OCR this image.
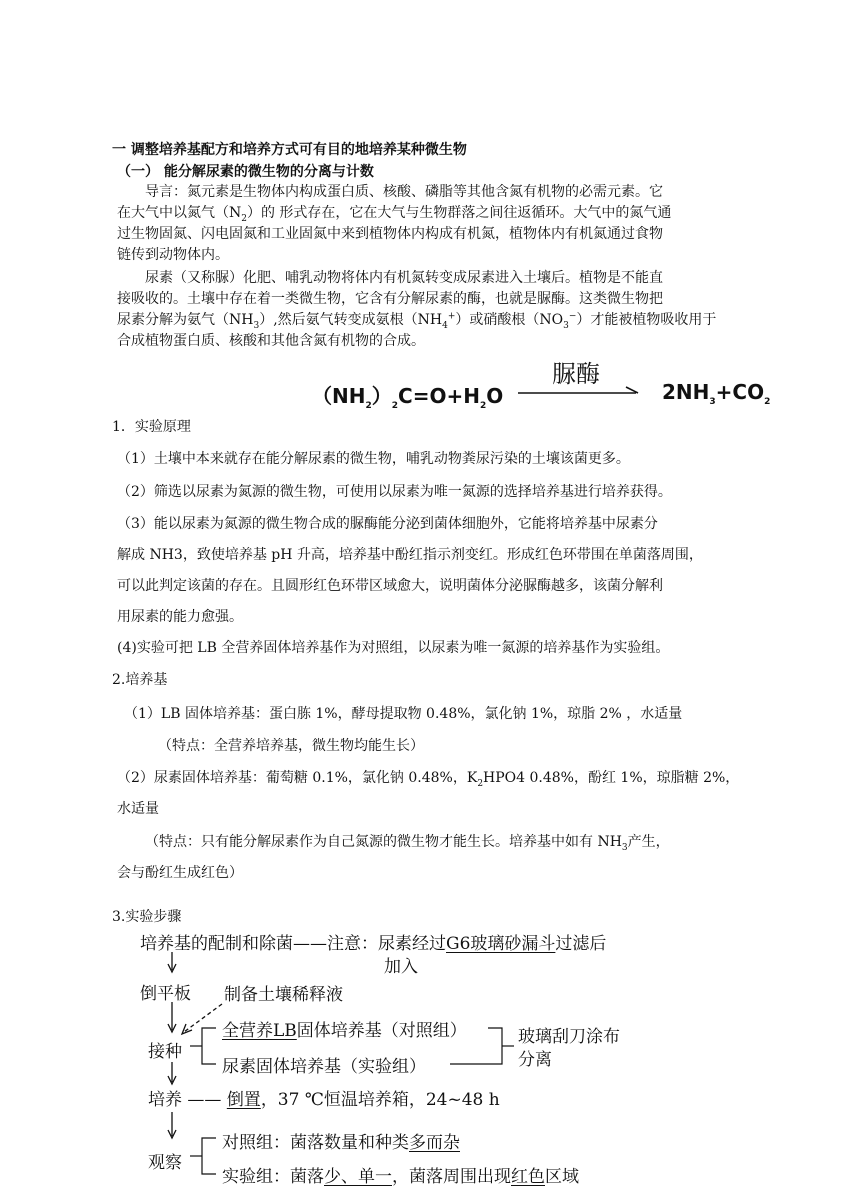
一 调整培养基配方和培养方式可有目的地培养某种微生物
（一） 能分解尿素的微生物的分离与计数
导言：氮元素是生物体内构成蛋白质、核酸、磷脂等其他含氮有机物的必需元素。它
在大气中以氮气$(N_2)$的 形式存在，它在大气与生物群落之间往返循环。大气中的氮气通
过生物固氮、闪电固氮和工业固氮中来到植物体内构成有机氮，植物体内有机氮通过食物
链传到动物体内。
尿素（又称脲）化肥、哺乳动物将体内有机氮转变成尿素进入土壤后。植物是不能直
接吸收的。土壤中存在着一类微生物，它含有分解尿素的酶，也就是脲酶。这类微生物把
尿素分解为氨气$(NH_3)$,然后氨气转变成氨根$(NH_4^+)$或硝酸根$(NO_3^-)$才能被植物吸收用于
合成植物蛋白质、核酸和其他含氮有机物的合成。
$(NH_2)_2C=O+H_2O$
脲酶
$2NH_3+CO_2$
1．实验原理
（1）土壤中本来就存在能分解尿素的微生物，哺乳动物粪尿污染的土壤该菌更多。
（2）筛选以尿素为氮源的微生物，可使用以尿素为唯一氮源的选择培养基进行培养获得。
（3）能以尿素为氮源的微生物合成的脲酶能分泌到菌体细胞外，它能将培养基中尿素分
解成 NH3，致使培养基 pH 升高，培养基中酚红指示剂变红。形成红色环带围在单菌落周围，
可以此判定该菌的存在。且圆形红色环带区域愈大，说明菌体分泌脲酶越多，该菌分解利
用尿素的能力愈强。
(4)实验可把 LB 全营养固体培养基作为对照组，以尿素为唯一氮源的培养基作为实验组。
2.培养基
（1）LB 固体培养基：蛋白胨 1%，酵母提取物 0.48%，氯化钠 1%，琼脂 2% ，水适量
（特点：全营养培养基，微生物均能生长）
（2）尿素固体培养基：葡萄糖 0.1%，氯化钠 0.48%，$K_2HPO4$ 0.48%，酚红 1%，琼脂糖 2%，
水适量
（特点：只有能分解尿素作为自己氮源的微生物才能生长。培养基中如有 $NH_3$产生，
会与酚红生成红色）
3.实验步骤
培养基的配制和除菌——注意：尿素经过G6玻璃砂漏斗过滤后
加入
倒平板 制备土壤稀释液
接种
全营养LB固体培养基（对照组）
尿素固体培养基（实验组）
玻璃刮刀涂布
分离
培养 —— 倒置，37 ℃恒温培养箱，24~48 h
观察
对照组：菌落数量和种类多而杂
实验组：菌落少、单一，菌落周围出现红色区域
